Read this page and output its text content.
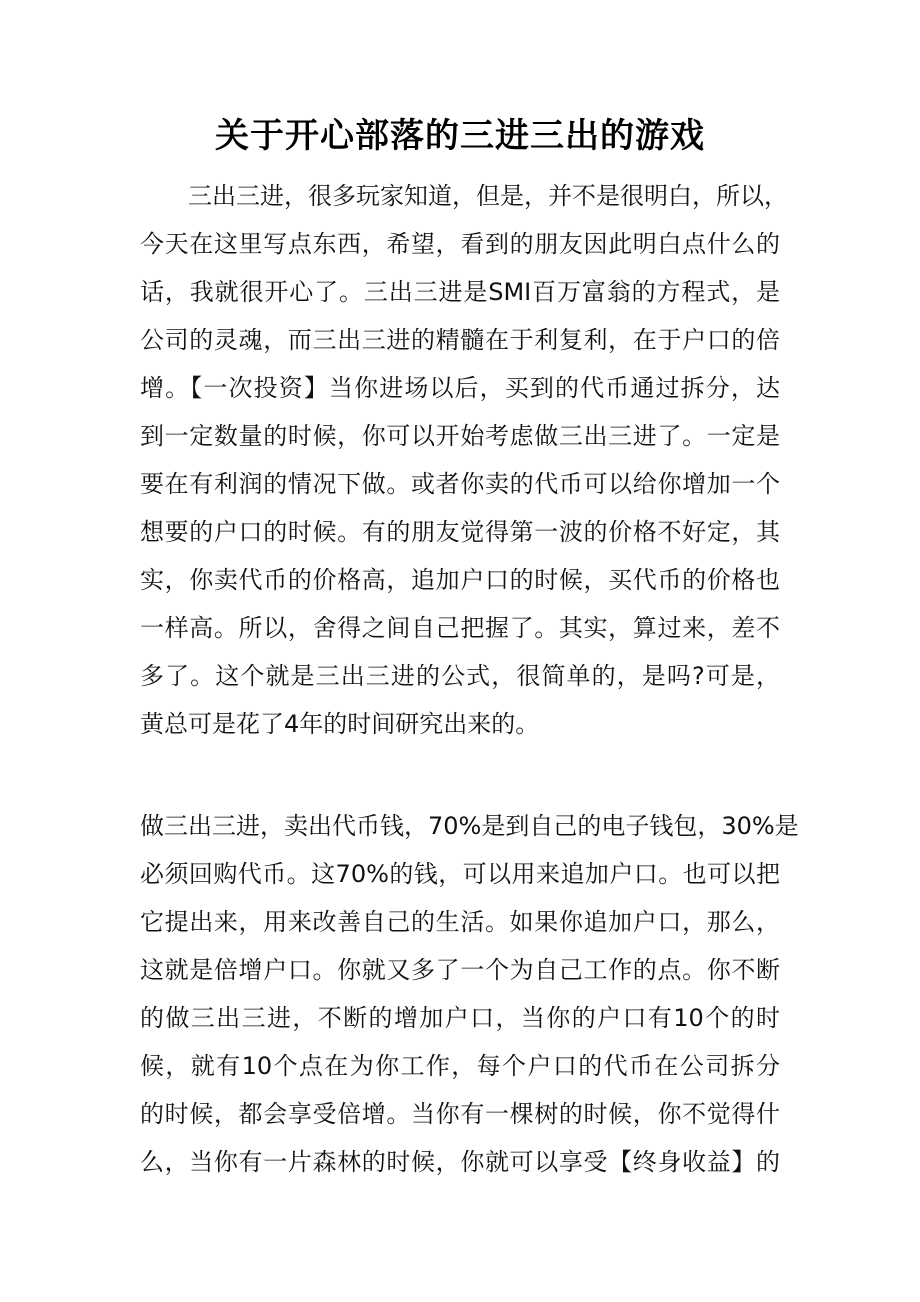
关于开心部落的三进三出的游戏
三出三进，很多玩家知道，但是，并不是很明白，所以，
今天在这里写点东西，希望，看到的朋友因此明白点什么的
话，我就很开心了。三出三进是SMI百万富翁的方程式，是
公司的灵魂，而三出三进的精髓在于利复利，在于户口的倍
增。【一次投资】当你进场以后，买到的代币通过拆分，达
到一定数量的时候，你可以开始考虑做三出三进了。一定是
要在有利润的情况下做。或者你卖的代币可以给你增加一个
想要的户口的时候。有的朋友觉得第一波的价格不好定，其
实，你卖代币的价格高，追加户口的时候，买代币的价格也
一样高。所以，舍得之间自己把握了。其实，算过来，差不
多了。这个就是三出三进的公式，很简单的，是吗?可是，
黄总可是花了4年的时间研究出来的。
做三出三进，卖出代币钱，70%是到自己的电子钱包，30%是
必须回购代币。这70%的钱，可以用来追加户口。也可以把
它提出来，用来改善自己的生活。如果你追加户口，那么，
这就是倍增户口。你就又多了一个为自己工作的点。你不断
的做三出三进，不断的增加户口，当你的户口有10个的时
候，就有10个点在为你工作，每个户口的代币在公司拆分
的时候，都会享受倍增。当你有一棵树的时候，你不觉得什
么，当你有一片森林的时候，你就可以享受【终身收益】的
